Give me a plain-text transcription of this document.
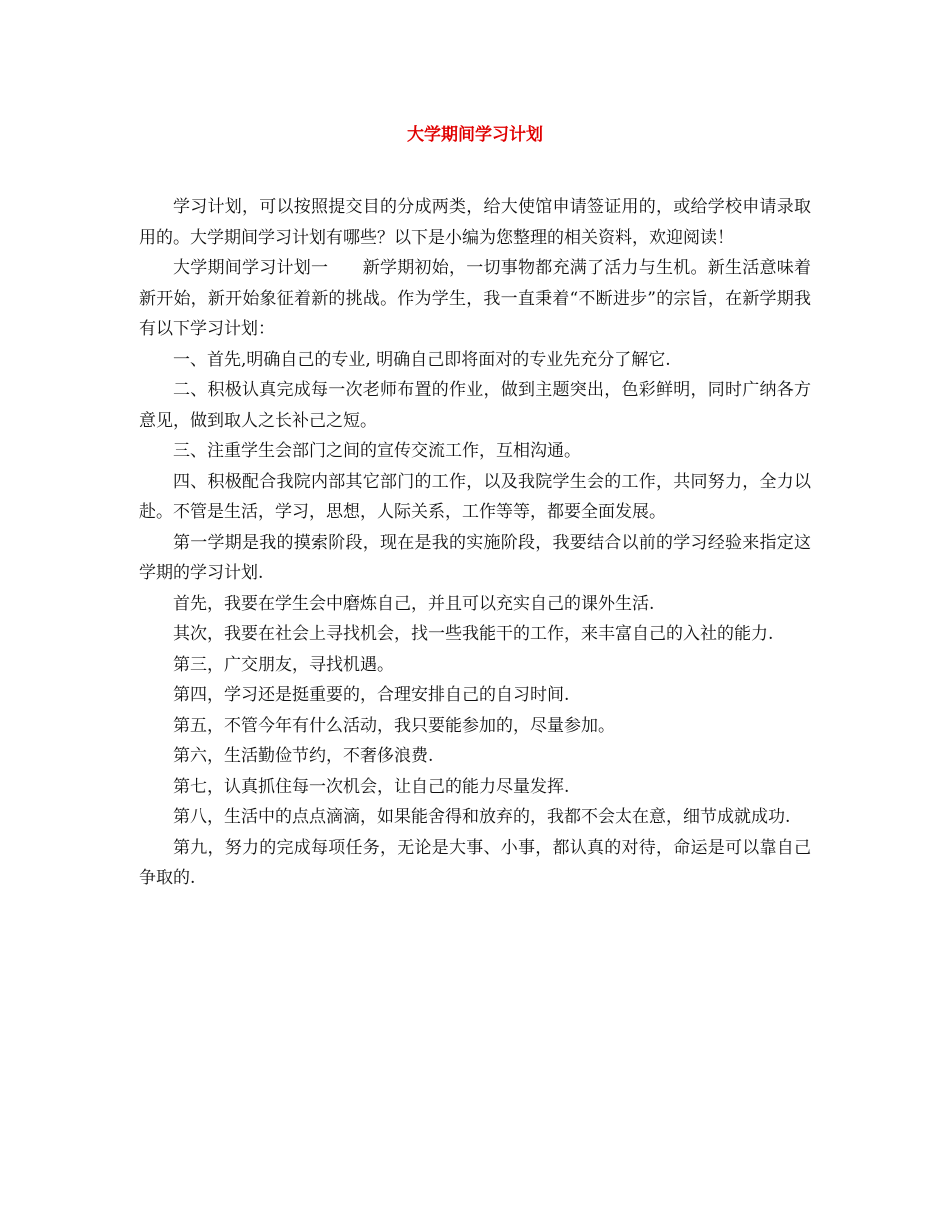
大学期间学习计划

学习计划，可以按照提交目的分成两类，给大使馆申请签证用的，或给学校申请录取用的。大学期间学习计划有哪些？以下是小编为您整理的相关资料，欢迎阅读！

大学期间学习计划一　　新学期初始，一切事物都充满了活力与生机。新生活意味着新开始，新开始象征着新的挑战。作为学生，我一直秉着“不断进步”的宗旨，在新学期我有以下学习计划：

一、首先,明确自己的专业, 明确自己即将面对的专业先充分了解它.

二、积极认真完成每一次老师布置的作业，做到主题突出，色彩鲜明，同时广纳各方意见，做到取人之长补己之短。

三、注重学生会部门之间的宣传交流工作，互相沟通。

四、积极配合我院内部其它部门的工作，以及我院学生会的工作，共同努力，全力以赴。不管是生活，学习，思想，人际关系，工作等等，都要全面发展。

第一学期是我的摸索阶段，现在是我的实施阶段，我要结合以前的学习经验来指定这学期的学习计划.

首先，我要在学生会中磨炼自己，并且可以充实自己的课外生活.

其次，我要在社会上寻找机会，找一些我能干的工作，来丰富自己的入社的能力.

第三，广交朋友，寻找机遇。

第四，学习还是挺重要的，合理安排自己的自习时间.

第五，不管今年有什么活动，我只要能参加的，尽量参加。

第六，生活勤俭节约，不奢侈浪费.

第七，认真抓住每一次机会，让自己的能力尽量发挥.

第八，生活中的点点滴滴，如果能舍得和放弃的，我都不会太在意，细节成就成功.

第九，努力的完成每项任务，无论是大事、小事，都认真的对待，命运是可以靠自己争取的.
